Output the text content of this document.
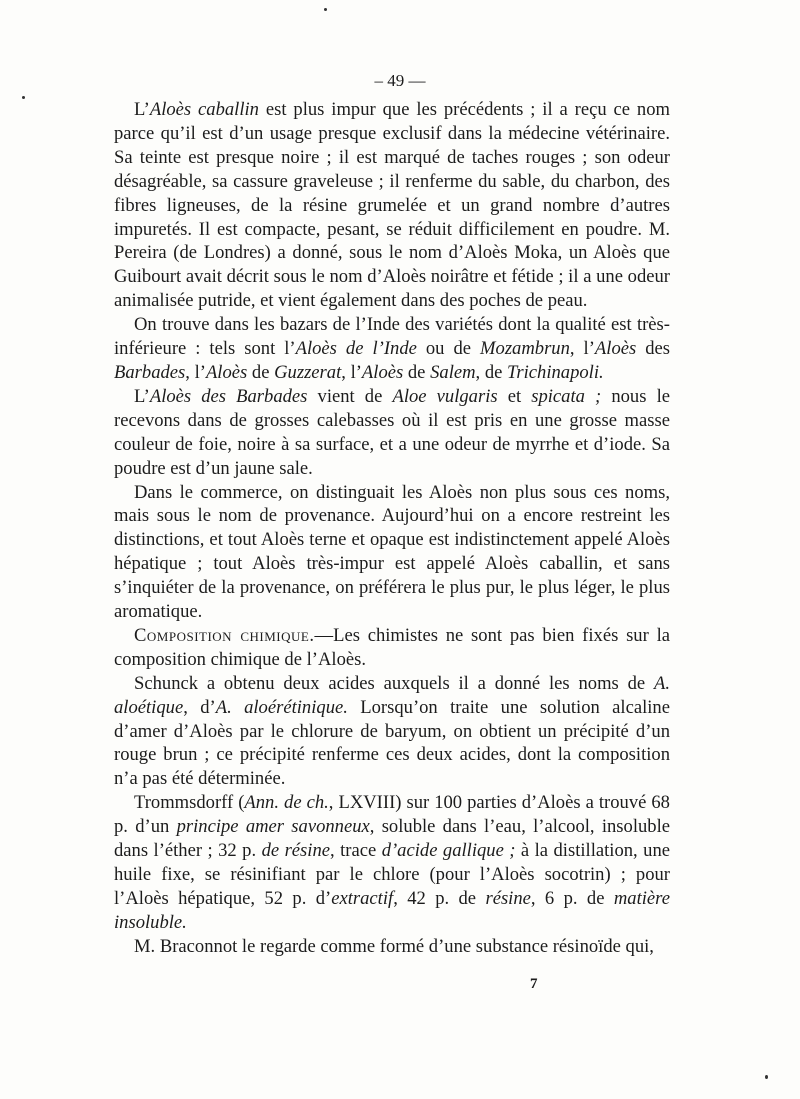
– 49 —

L’Aloès caballin est plus impur que les précédents ; il a reçu ce nom parce qu’il est d’un usage presque exclusif dans la médecine vétérinaire. Sa teinte est presque noire ; il est marqué de taches rouges ; son odeur désagréable, sa cassure graveleuse ; il renferme du sable, du charbon, des fibres ligneuses, de la résine grumelée et un grand nombre d’autres impuretés. Il est compacte, pesant, se réduit difficilement en poudre. M. Pereira (de Londres) a donné, sous le nom d’Aloès Moka, un Aloès que Guibourt avait décrit sous le nom d’Aloès noirâtre et fétide ; il a une odeur animalisée putride, et vient également dans des poches de peau.

On trouve dans les bazars de l’Inde des variétés dont la qualité est très-inférieure : tels sont l’Aloès de l’Inde ou de Mozambrun, l’Aloès des Barbades, l’Aloès de Guzzerat, l’Aloès de Salem, de Trichinapoli.

L’Aloès des Barbades vient de Aloe vulgaris et spicata ; nous le recevons dans de grosses calebasses où il est pris en une grosse masse couleur de foie, noire à sa surface, et a une odeur de myrrhe et d’iode. Sa poudre est d’un jaune sale.

Dans le commerce, on distinguait les Aloès non plus sous ces noms, mais sous le nom de provenance. Aujourd’hui on a encore restreint les distinctions, et tout Aloès terne et opaque est indistinctement appelé Aloès hépatique ; tout Aloès très-impur est appelé Aloès caballin, et sans s’inquiéter de la provenance, on préférera le plus pur, le plus léger, le plus aromatique.

Composition chimique.—Les chimistes ne sont pas bien fixés sur la composition chimique de l’Aloès.

Schunck a obtenu deux acides auxquels il a donné les noms de A. aloétique, d’A. aloérétinique. Lorsqu’on traite une solution alcaline d’amer d’Aloès par le chlorure de baryum, on obtient un précipité d’un rouge brun ; ce précipité renferme ces deux acides, dont la composition n’a pas été déterminée.

Trommsdorff (Ann. de ch., LXVIII) sur 100 parties d’Aloès a trouvé 68 p. d’un principe amer savonneux, soluble dans l’eau, l’alcool, insoluble dans l’éther ; 32 p. de résine, trace d’acide gallique ; à la distillation, une huile fixe, se résinifiant par le chlore (pour l’Aloès socotrin) ; pour l’Aloès hépatique, 52 p. d’extractif, 42 p. de résine, 6 p. de matière insoluble.

M. Braconnot le regarde comme formé d’une substance résinoïde qui,

7
